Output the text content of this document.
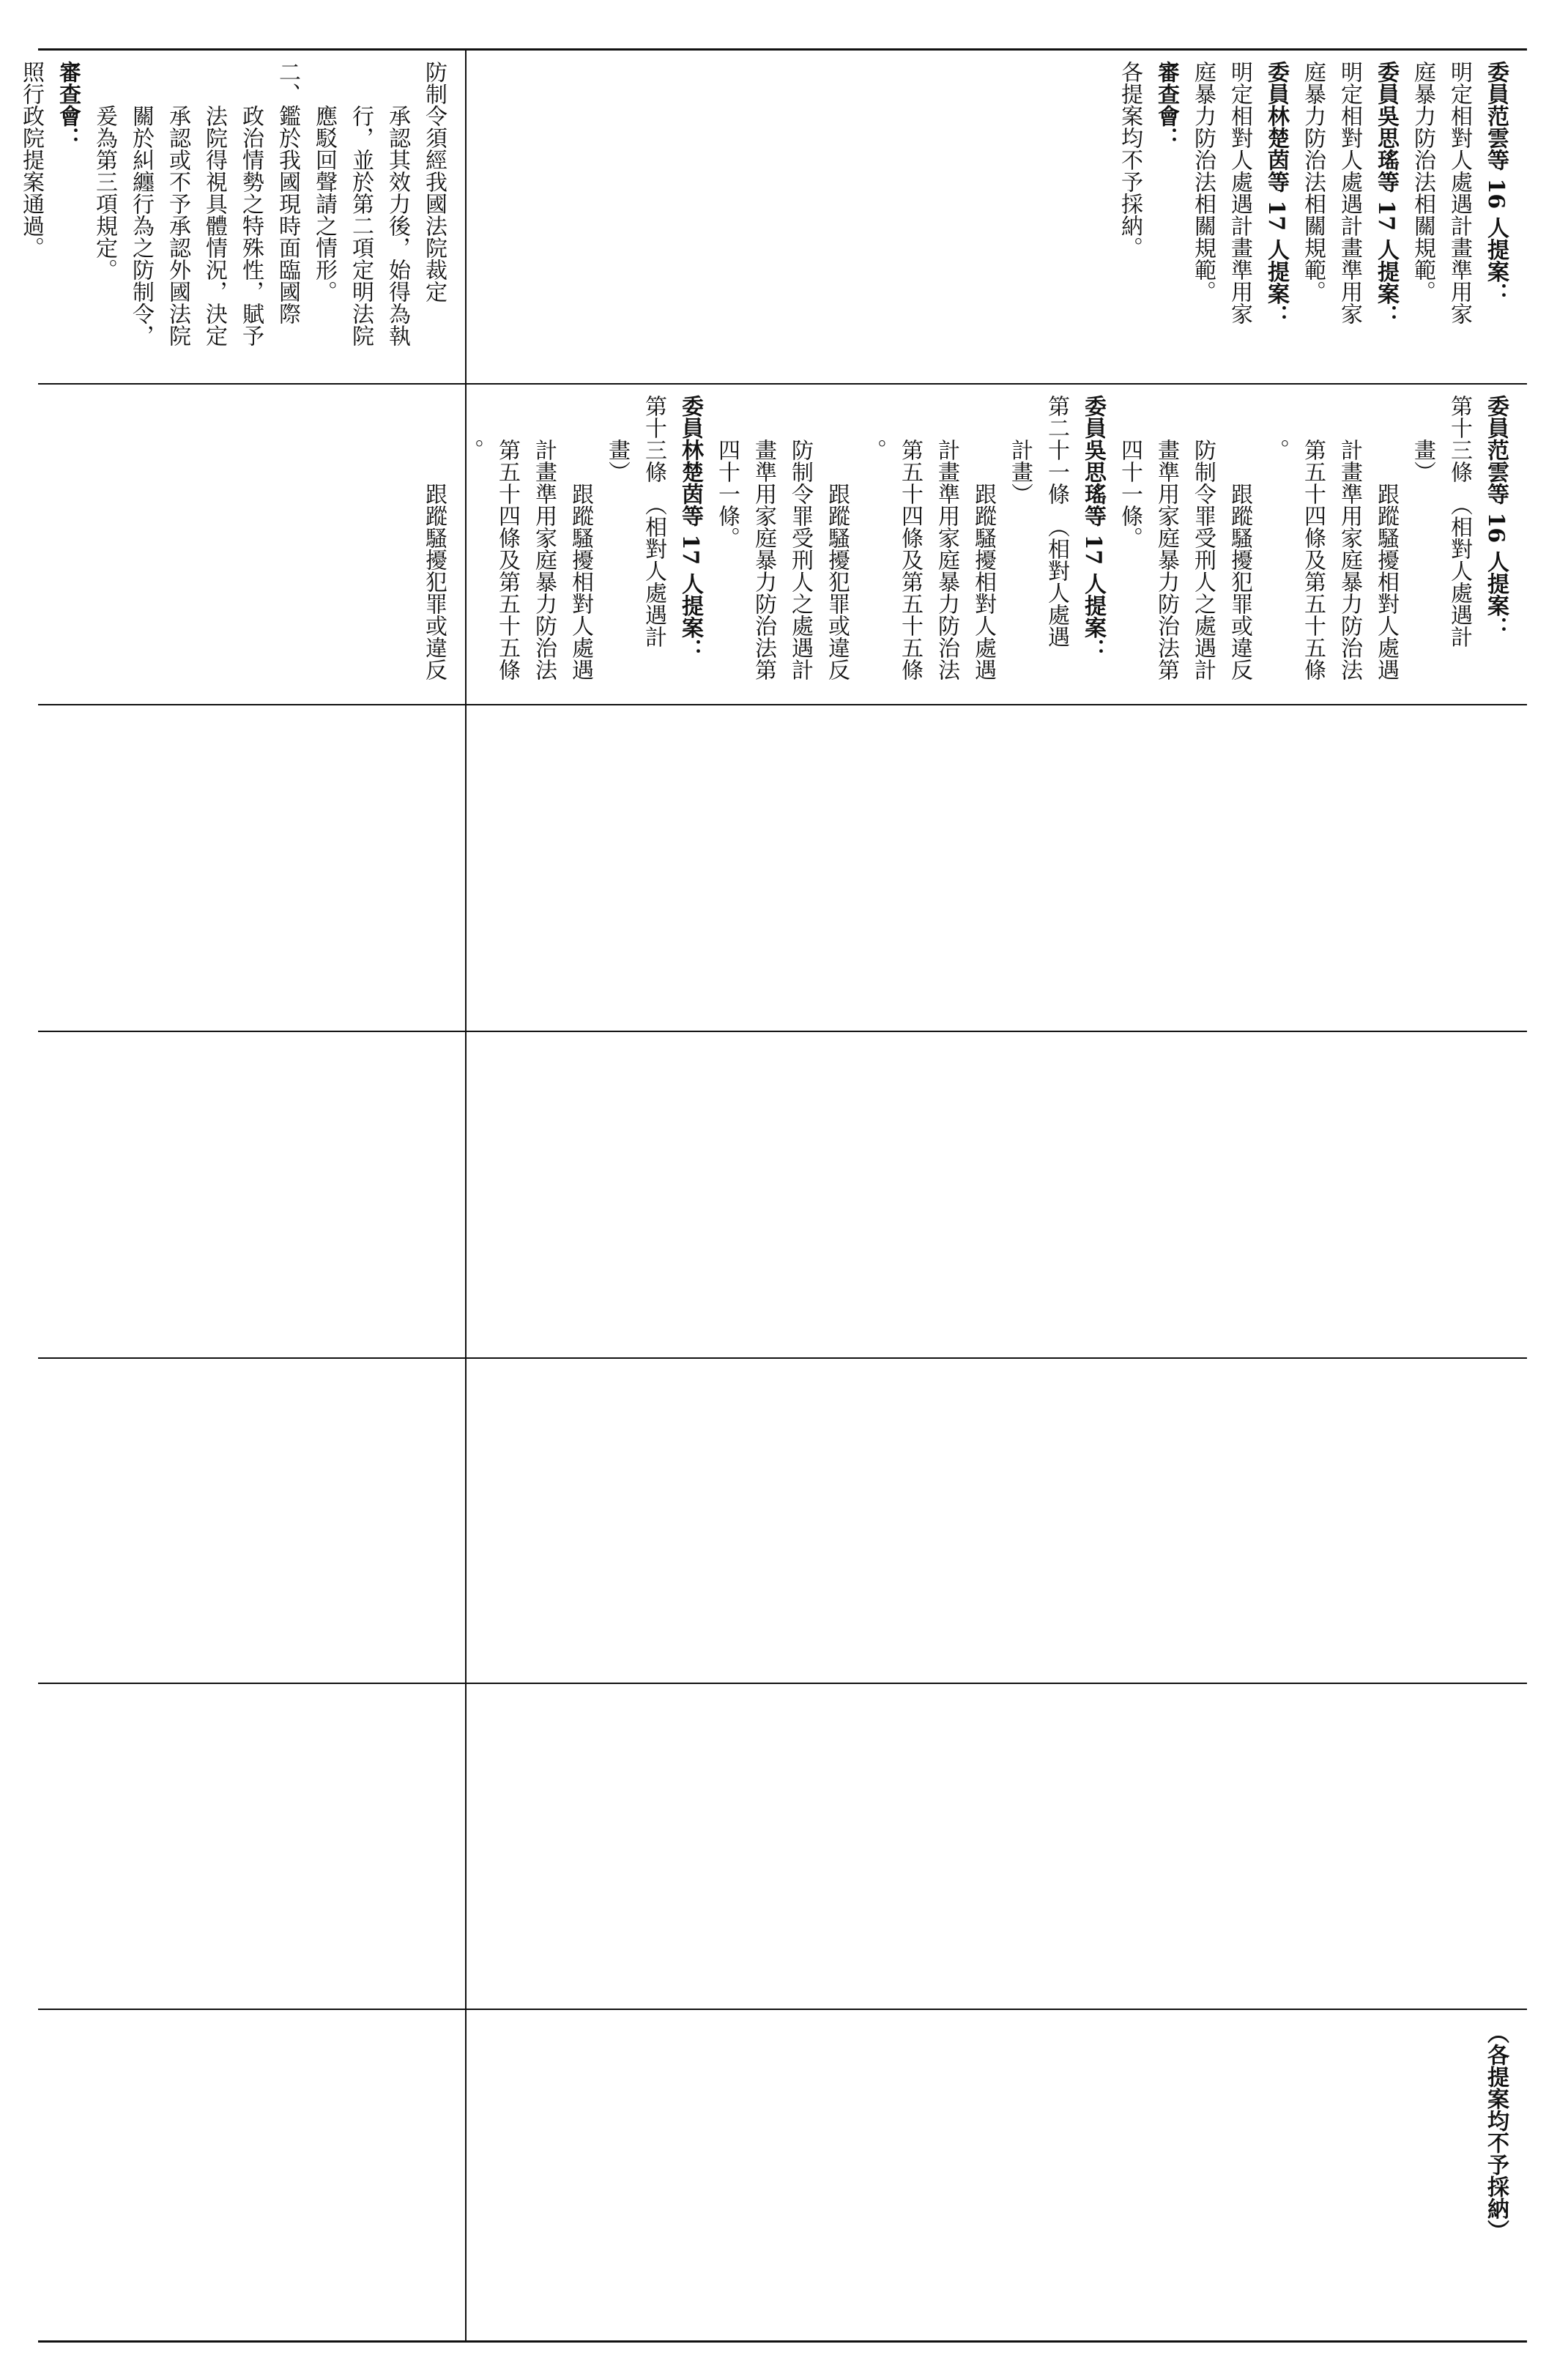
防制令須經我國法院裁定
承認其效力後，始得為執
行，並於第二項定明法院
應駁回聲請之情形。
二、鑑於我國現時面臨國際
政治情勢之特殊性，賦予
法院得視具體情況，決定
承認或不予承認外國法院
關於糾纏行為之防制令，
爰為第三項規定。
審查會：
照行政院提案通過。	委員范雲等 16 人提案：
明定相對人處遇計畫準用家
庭暴力防治法相關規範。
委員吳思瑤等 17 人提案：
明定相對人處遇計畫準用家
庭暴力防治法相關規範。
委員林楚茵等 17 人提案：
明定相對人處遇計畫準用家
庭暴力防治法相關規範。
審查會：
各提案均不予採納。
委員范雲等 16 人提案：
第十三條　（相對人處遇計
畫）
跟蹤騷擾相對人處遇
計畫準用家庭暴力防治法
第五十四條及第五十五條
。
跟蹤騷擾犯罪或違反
防制令罪受刑人之處遇計
畫準用家庭暴力防治法第
四十一條。
委員吳思瑤等 17 人提案：
第二十一條　（相對人處遇
計畫）
跟蹤騷擾相對人處遇
計畫準用家庭暴力防治法
第五十四條及第五十五條
。
跟蹤騷擾犯罪或違反
防制令罪受刑人之處遇計
畫準用家庭暴力防治法第
四十一條。
委員林楚茵等 17 人提案：
第十三條　（相對人處遇計
畫）
跟蹤騷擾相對人處遇
計畫準用家庭暴力防治法
第五十四條及第五十五條
。
跟蹤騷擾犯罪或違反
（各提案均不予採納）
